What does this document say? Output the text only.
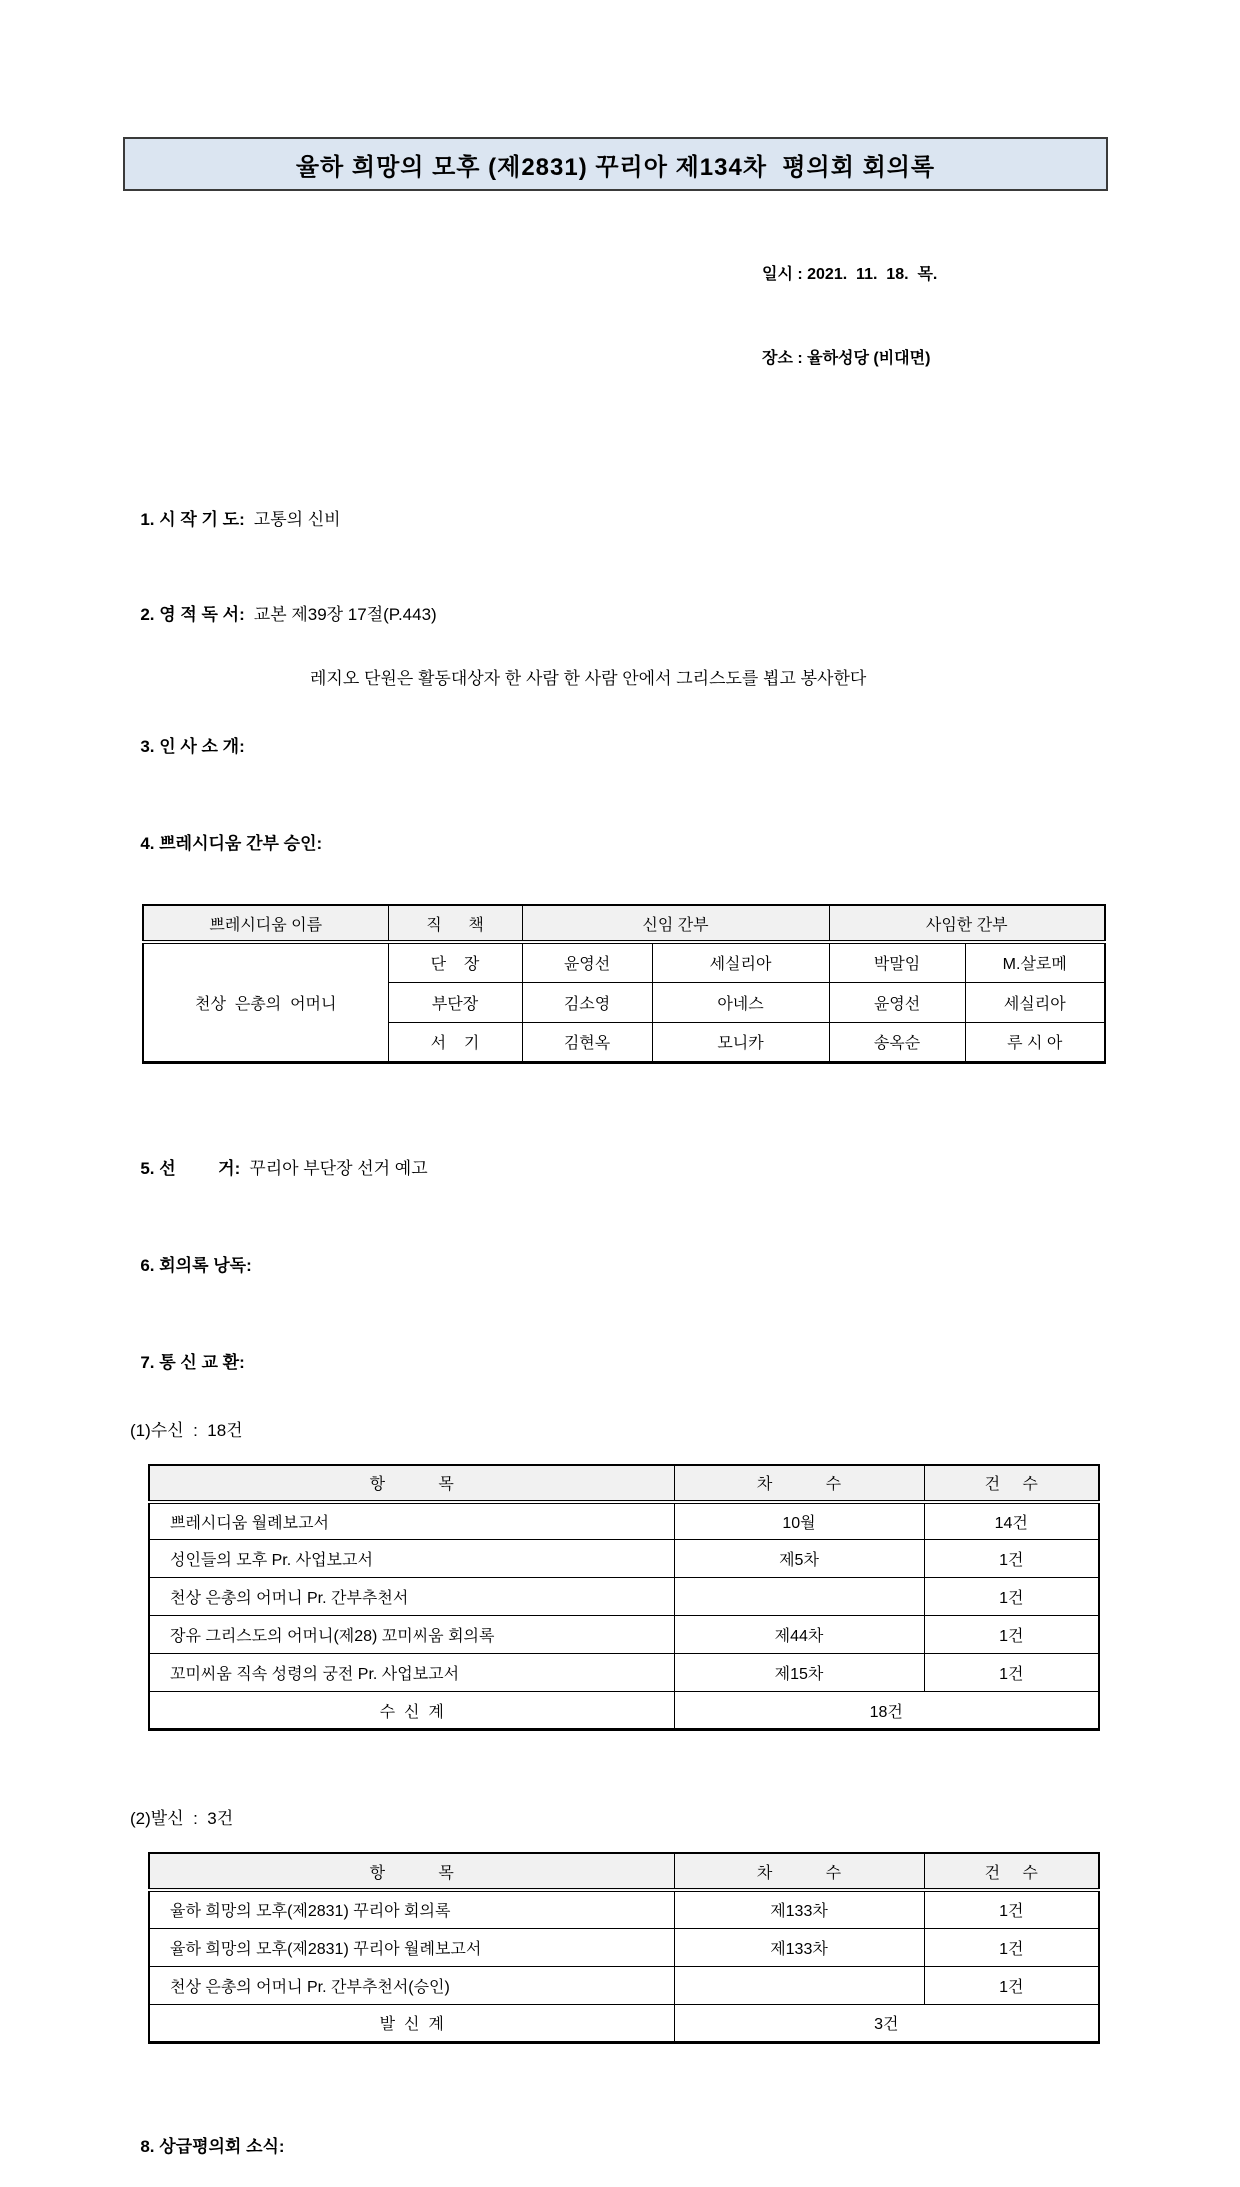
율하 희망의 모후 (제2831) 꾸리아 제134차  평의회 회의록

일시 : 2021.  11.  18.  목.

장소 : 율하성당 (비대면)

1. 시 작 기 도: 고통의 신비

2. 영 적 독 서: 교본 제39장 17절(P.443)

레지오 단원은 활동대상자 한 사람 한 사람 안에서 그리스도를 뵙고 봉사한다

3. 인 사 소 개:

4. 쁘레시디움 간부 승인:

쁘레시디움 이름	직      책	신임 간부		사임한 간부	
천상  은총의  어머니	단    장	윤영선	세실리아	박말임	M.살로메
	부단장	김소영	아네스	윤영선	세실리아
	서    기	김현옥	모니카	송옥순	루 시 아

5. 선         거: 꾸리아 부단장 선거 예고

6. 회의록 낭독:

7. 통 신 교 환:

(1)수신  :  18건
항            목	차            수	건     수
쁘레시디움 월례보고서	10월	14건
성인들의 모후 Pr. 사업보고서	제5차	1건
천상 은총의 어머니 Pr. 간부추천서		1건
장유 그리스도의 어머니(제28) 꼬미씨움 회의록	제44차	1건
꼬미씨움 직속 성령의 궁전 Pr. 사업보고서	제15차	1건
수  신  계	18건	
(2)발신  :  3건
항            목	차            수	건     수
율하 희망의 모후(제2831) 꾸리아 회의록	제133차	1건
율하 희망의 모후(제2831) 꾸리아 월례보고서	제133차	1건
천상 은총의 어머니 Pr. 간부추천서(승인)		1건
발  신  계	3건	

8. 상급평의회 소식:
